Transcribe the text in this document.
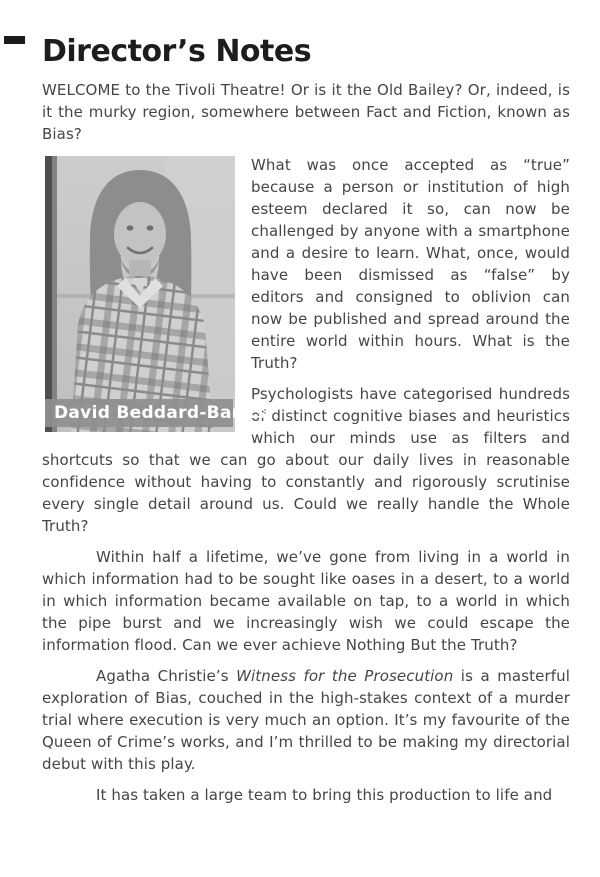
Director’s Notes

WELCOME to the Tivoli Theatre! Or is it the Old Bailey? Or, indeed, is it the murky region, somewhere between Fact and Fiction, known as Bias?

David Beddard-Banks

What was once accepted as “true” because a person or institution of high esteem declared it so, can now be challenged by anyone with a smartphone and a desire to learn. What, once, would have been dismissed as “false” by editors and consigned to oblivion can now be published and spread around the entire world within hours. What is the Truth?

Psychologists have categorised hundreds of distinct cognitive biases and heuristics which our minds use as filters and shortcuts so that we can go about our daily lives in reasonable confidence without having to constantly and rigorously scrutinise every single detail around us. Could we really handle the Whole Truth?

Within half a lifetime, we’ve gone from living in a world in which information had to be sought like oases in a desert, to a world in which information became available on tap, to a world in which the pipe burst and we increasingly wish we could escape the information flood. Can we ever achieve Nothing But the Truth?

Agatha Christie’s Witness for the Prosecution is a masterful exploration of Bias, couched in the high-stakes context of a murder trial where execution is very much an option. It’s my favourite of the Queen of Crime’s works, and I’m thrilled to be making my directorial debut with this play.

It has taken a large team to bring this production to life and
